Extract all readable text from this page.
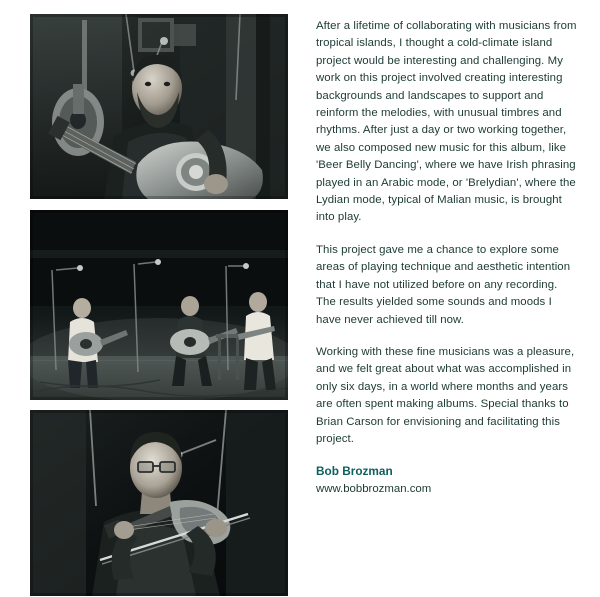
After a lifetime of collaborating with musicians from tropical islands, I thought a cold-climate island project would be interesting and challenging. My work on this project involved creating interesting backgrounds and landscapes to support and reinform the melodies, with unusual timbres and rhythms. After just a day or two working together, we also composed new music for this album, like 'Beer Belly Dancing', where we have Irish phrasing played in an Arabic mode, or 'Brelydian', where the Lydian mode, typical of Malian music, is brought into play.

This project gave me a chance to explore some areas of playing technique and aesthetic intention that I have not utilized before on any recording. The results yielded some sounds and moods I have never achieved till now.

Working with these fine musicians was a pleasure, and we felt great about what was accomplished in only six days, in a world where months and years are often spent making albums. Special thanks to Brian Carson for envisioning and facilitating this project.

Bob Brozman

www.bobbrozman.com
